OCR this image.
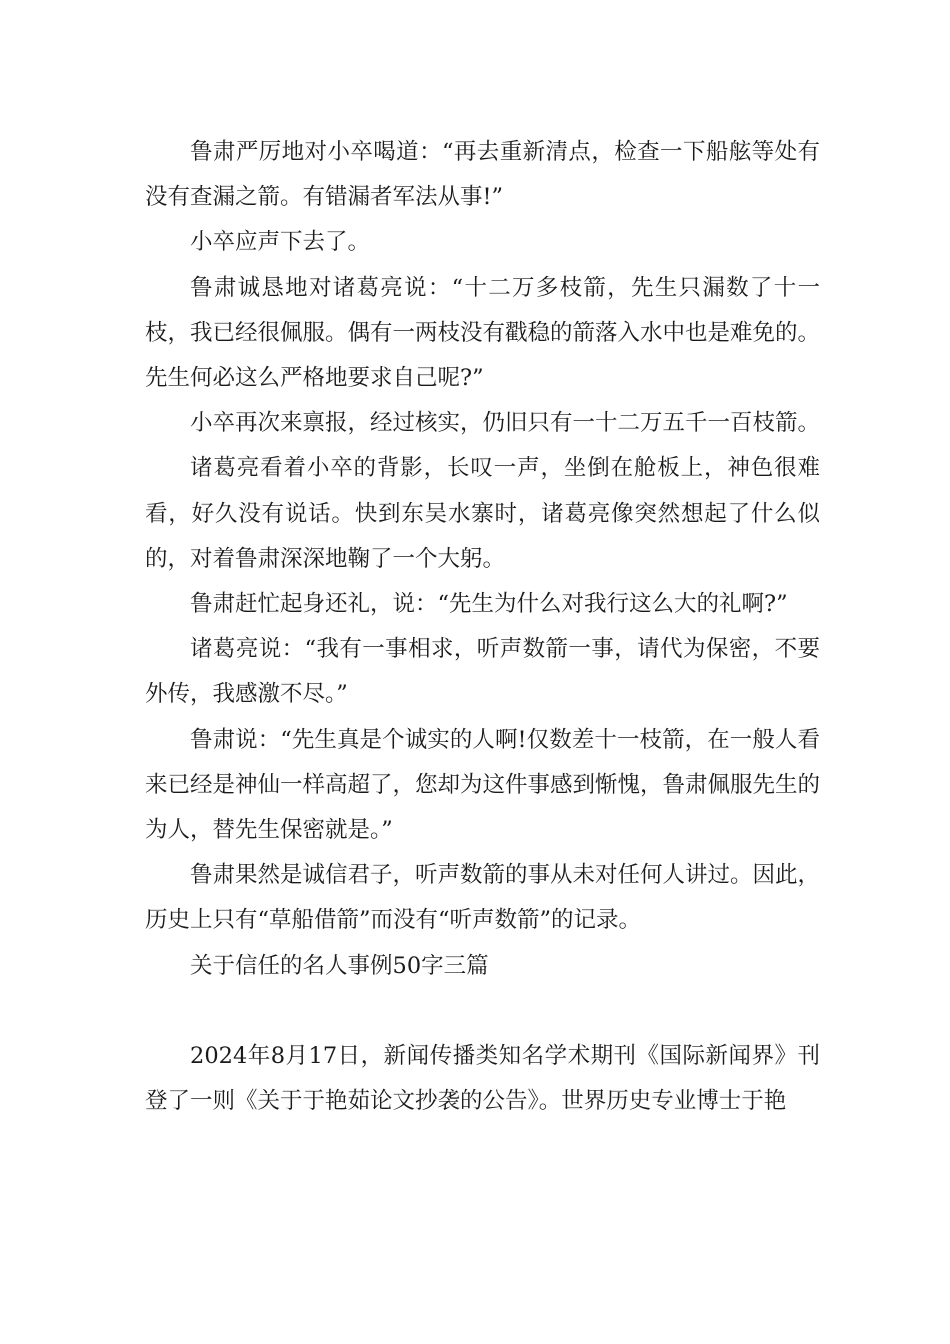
鲁肃严厉地对小卒喝道：“再去重新清点，检查一下船舷等处有没有查漏之箭。有错漏者军法从事!”

小卒应声下去了。

鲁肃诚恳地对诸葛亮说：“十二万多枝箭，先生只漏数了十一枝，我已经很佩服。偶有一两枝没有戳稳的箭落入水中也是难免的。先生何必这么严格地要求自己呢?”

小卒再次来禀报，经过核实，仍旧只有一十二万五千一百枝箭。

诸葛亮看着小卒的背影，长叹一声，坐倒在舱板上，神色很难看，好久没有说话。快到东吴水寨时，诸葛亮像突然想起了什么似的，对着鲁肃深深地鞠了一个大躬。

鲁肃赶忙起身还礼，说：“先生为什么对我行这么大的礼啊?”

诸葛亮说：“我有一事相求，听声数箭一事，请代为保密，不要外传，我感激不尽。”

鲁肃说：“先生真是个诚实的人啊!仅数差十一枝箭，在一般人看来已经是神仙一样高超了，您却为这件事感到惭愧，鲁肃佩服先生的为人，替先生保密就是。”

鲁肃果然是诚信君子，听声数箭的事从未对任何人讲过。因此，历史上只有“草船借箭”而没有“听声数箭”的记录。

关于信任的名人事例50字三篇

2024年8月17日，新闻传播类知名学术期刊《国际新闻界》刊登了一则《关于于艳茹论文抄袭的公告》。世界历史专业博士于艳
